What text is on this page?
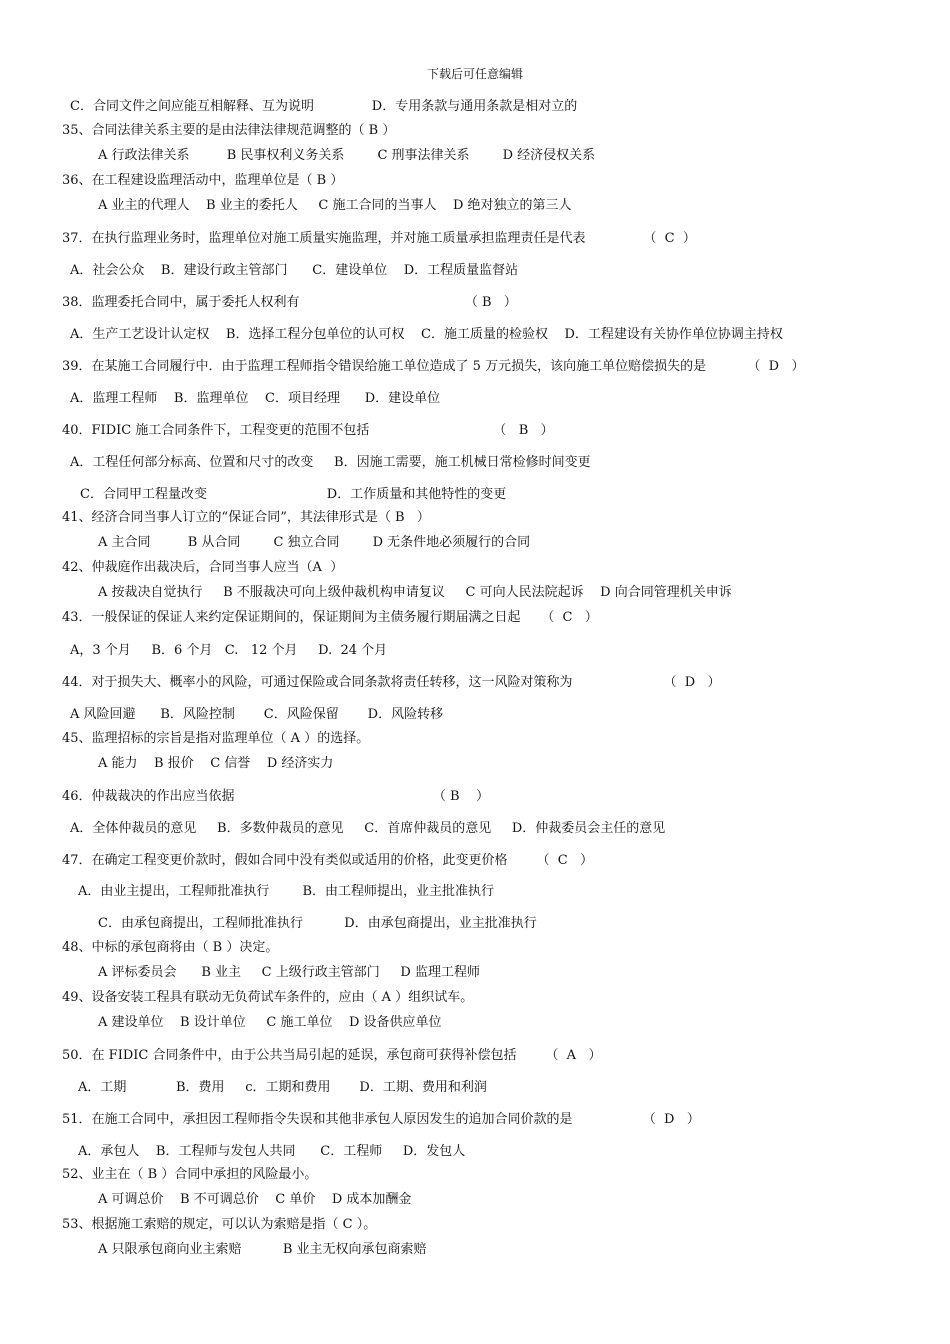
下载后可任意编辑
C．合同文件之间应能互相解释、互为说明              D．专用条款与通用条款是相对立的
35、合同法律关系主要的是由法律法律规范调整的（ B ）
A 行政法律关系         B 民事权利义务关系        C 刑事法律关系        D 经济侵权关系
36、在工程建设监理活动中，监理单位是（ B ）
A 业主的代理人    B 业主的委托人     C 施工合同的当事人    D 绝对独立的第三人
37．在执行监理业务时，监理单位对施工质量实施监理，并对施工质量承担监理责任是代表              （  C  ）
A．社会公众    B．建设行政主管部门      C．建设单位    D．工程质量监督站
38．监理委托合同中，属于委托人权利有                                        （ B   ）
A．生产工艺设计认定权    B．选择工程分包单位的认可权    C．施工质量的检验权    D．工程建设有关协作单位协调主持权
39．在某施工合同履行中．由于监理工程师指令错误给施工单位造成了 5 万元损失，该向施工单位赔偿损失的是          （  D   ）
A．监理工程师    B．监理单位    C．项目经理      D．建设单位
40．FIDIC 施工合同条件下，工程变更的范围不包括                              （   B   ）
A．工程任何部分标高、位置和尺寸的改变     B．因施工需要，施工机械日常检修时间变更
C．合同甲工程量改变                             D．工作质量和其他特性的变更
41、经济合同当事人订立的“保证合同”，其法律形式是（ B   ）
A 主合同         B 从合同        C 独立合同        D 无条件地必须履行的合同
42、仲裁庭作出裁决后，合同当事人应当（A  ）
A 按裁决自觉执行     B 不服裁决可向上级仲裁机构申请复议     C 可向人民法院起诉    D 向合同管理机关申诉
43．一般保证的保证人来约定保证期间的，保证期间为主债务履行期届满之日起     （  C   ）
A，3 个月     B．6 个月   C.   12 个月     D.  24 个月
44．对于损失大、概率小的风险，可通过保险或合同条款将责任转移，这一风险对策称为                      （  D   ）
A 风险回避      B．风险控制       C．风险保留       D．风险转移
45、监理招标的宗旨是指对监理单位（ A ）的选择。
A 能力    B 报价    C 信誉    D 经济实力
46．仲裁裁决的作出应当依据                                                （ B    ）
A．全体仲裁员的意见     B．多数仲裁员的意见     C．首席仲裁员的意见     D．仲裁委员会主任的意见
47．在确定工程变更价款时，假如合同中没有类似或适用的价格，此变更价格       （  C   ）
A．由业主提出，工程师批准执行        B．由工程师提出，业主批准执行
C．由承包商提出，工程师批准执行          D．由承包商提出，业主批准执行
48、中标的承包商将由（ B ）决定。
A 评标委员会      B 业主     C 上级行政主管部门     D 监理工程师
49、设备安装工程具有联动无负荷试车条件的，应由（ A ）组织试车。
A 建设单位    B 设计单位     C 施工单位    D 设备供应单位
50．在 FIDIC 合同条件中，由于公共当局引起的延误，承包商可获得补偿包括       （  A   ）
A．工期            B．费用     c．工期和费用       D．工期、费用和利润
51．在施工合同中，承担因工程师指令失误和其他非承包人原因发生的追加合同价款的是                 （  D   ）
A．承包人    B．工程师与发包人共同      C．工程师     D．发包人
52、业主在（ B ）合同中承担的风险最小。
A 可调总价    B 不可调总价    C 单价    D 成本加酬金
53、根据施工索赔的规定，可以认为索赔是指（ C ）。
A 只限承包商向业主索赔          B 业主无权向承包商索赔
